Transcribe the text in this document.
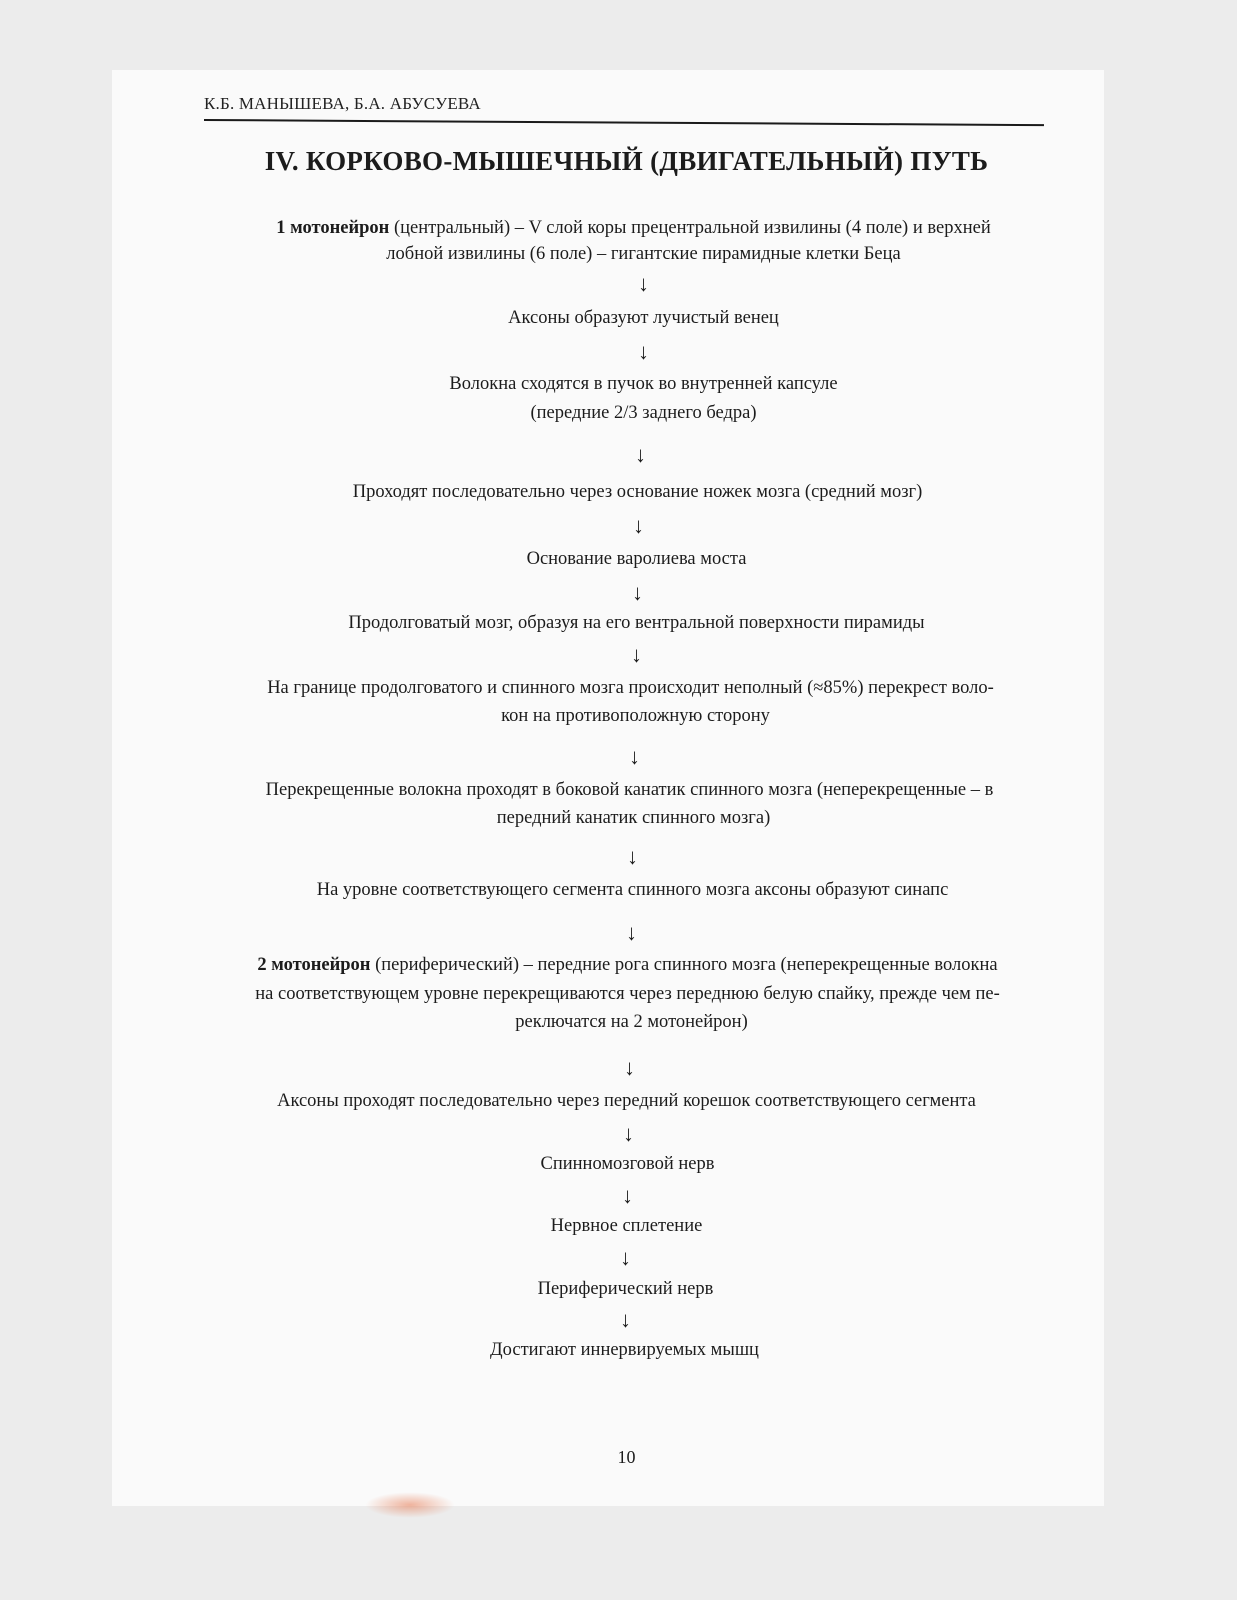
К.Б. МАНЫШЕВА, Б.А. АБУСУЕВА
IV. КОРКОВО-МЫШЕЧНЫЙ (ДВИГАТЕЛЬНЫЙ) ПУТЬ
1 мотонейрон (центральный) – V слой коры прецентральной извилины (4 поле) и верхней
лобной извилины (6 поле) – гигантские пирамидные клетки Беца
↓
Аксоны образуют лучистый венец
↓
Волокна сходятся в пучок во внутренней капсуле
(передние 2/3 заднего бедра)
↓
Проходят последовательно через основание ножек мозга (средний мозг)
↓
Основание варолиева моста
↓
Продолговатый мозг, образуя на его вентральной поверхности пирамиды
↓
На границе продолговатого и спинного мозга происходит неполный (≈85%) перекрест воло-
кон на противоположную сторону
↓
Перекрещенные волокна проходят в боковой канатик спинного мозга (неперекрещенные – в
передний канатик спинного мозга)
↓
На уровне соответствующего сегмента спинного мозга аксоны образуют синапс
↓
2 мотонейрон (периферический) – передние рога спинного мозга (неперекрещенные волокна
на соответствующем уровне перекрещиваются через переднюю белую спайку, прежде чем пе-
реключатся на 2 мотонейрон)
↓
Аксоны проходят последовательно через передний корешок соответствующего сегмента
↓
Спинномозговой нерв
↓
Нервное сплетение
↓
Периферический нерв
↓
Достигают иннервируемых мышц
10
